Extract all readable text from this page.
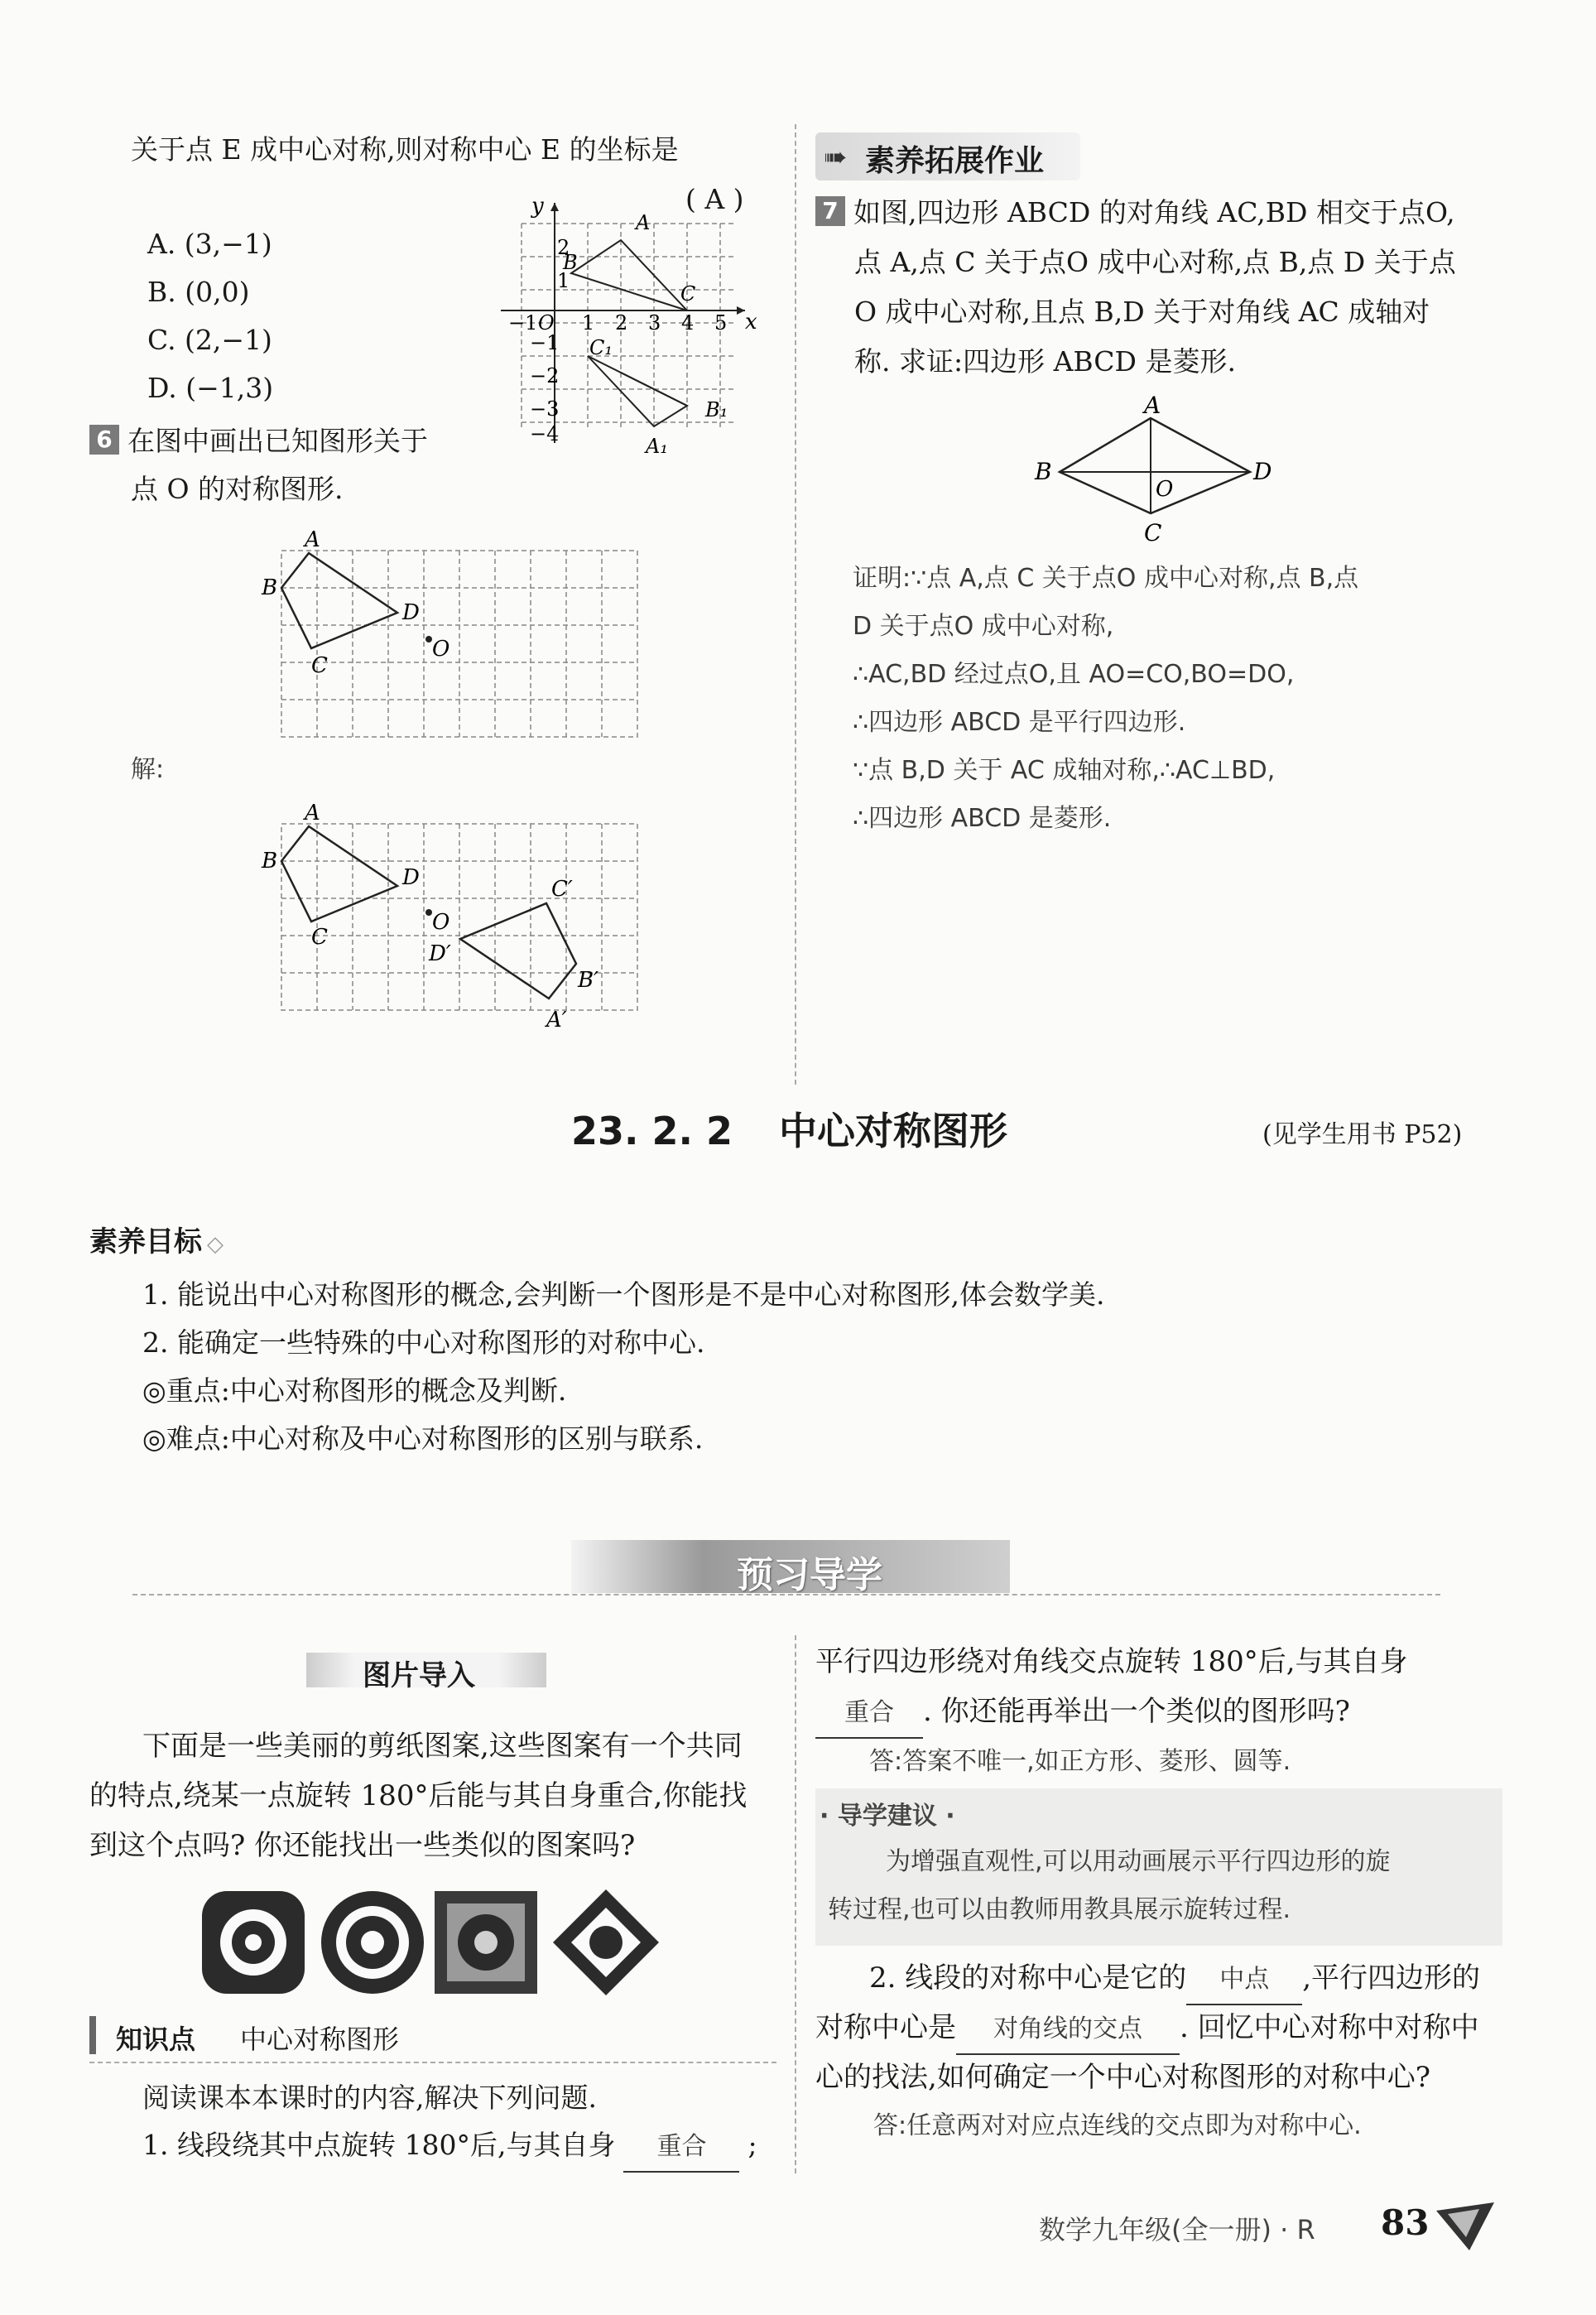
关于点 E 成中心对称,则对称中心 E 的坐标是
( A )
A. (3,−1)
B. (0,0)
C. (2,−1)
D. (−1,3)
y
x
O
−1 1 2 3 4 5
2
1
−1
−2
−3
−4
A
B
C
C₁
B₁
A₁
6 在图中画出已知图形关于
点 O 的对称图形.
A
B
C
D
O
解:
A
B
C
D
O
C′
D′
B′
A′
➠ 素养拓展作业
7 如图,四边形 ABCD 的对角线 AC,BD 相交于点O,
点 A,点 C 关于点O 成中心对称,点 B,点 D 关于点
O 成中心对称,且点 B,D 关于对角线 AC 成轴对
称. 求证:四边形 ABCD 是菱形.
A
B
C
D
O
证明:∵点 A,点 C 关于点O 成中心对称,点 B,点
D 关于点O 成中心对称,
∴AC,BD 经过点O,且 AO=CO,BO=DO,
∴四边形 ABCD 是平行四边形.
∵点 B,D 关于 AC 成轴对称,∴AC⊥BD,
∴四边形 ABCD 是菱形.
23. 2. 2 中心对称图形	(见学生用书 P52)
素养目标 ◇
1. 能说出中心对称图形的概念,会判断一个图形是不是中心对称图形,体会数学美.
2. 能确定一些特殊的中心对称图形的对称中心.
◎重点:中心对称图形的概念及判断.
◎难点:中心对称及中心对称图形的区别与联系.
预习导学
图片导入
下面是一些美丽的剪纸图案,这些图案有一个共同
的特点,绕某一点旋转 180°后能与其自身重合,你能找
到这个点吗? 你还能找出一些类似的图案吗?
知识点 中心对称图形
阅读课本本课时的内容,解决下列问题.
1. 线段绕其中点旋转 180°后,与其自身 重合 ;
平行四边形绕对角线交点旋转 180°后,与其自身
重合 . 你还能再举出一个类似的图形吗?
答:答案不唯一,如正方形、菱形、圆等.
· 导学建议 ·
为增强直观性,可以用动画展示平行四边形的旋
转过程,也可以由教师用教具展示旋转过程.
2. 线段的对称中心是它的 中点 ,平行四边形的
对称中心是 对角线的交点 . 回忆中心对称中对称中
心的找法,如何确定一个中心对称图形的对称中心?
答:任意两对对应点连线的交点即为对称中心.
数学九年级(全一册) · R 83
